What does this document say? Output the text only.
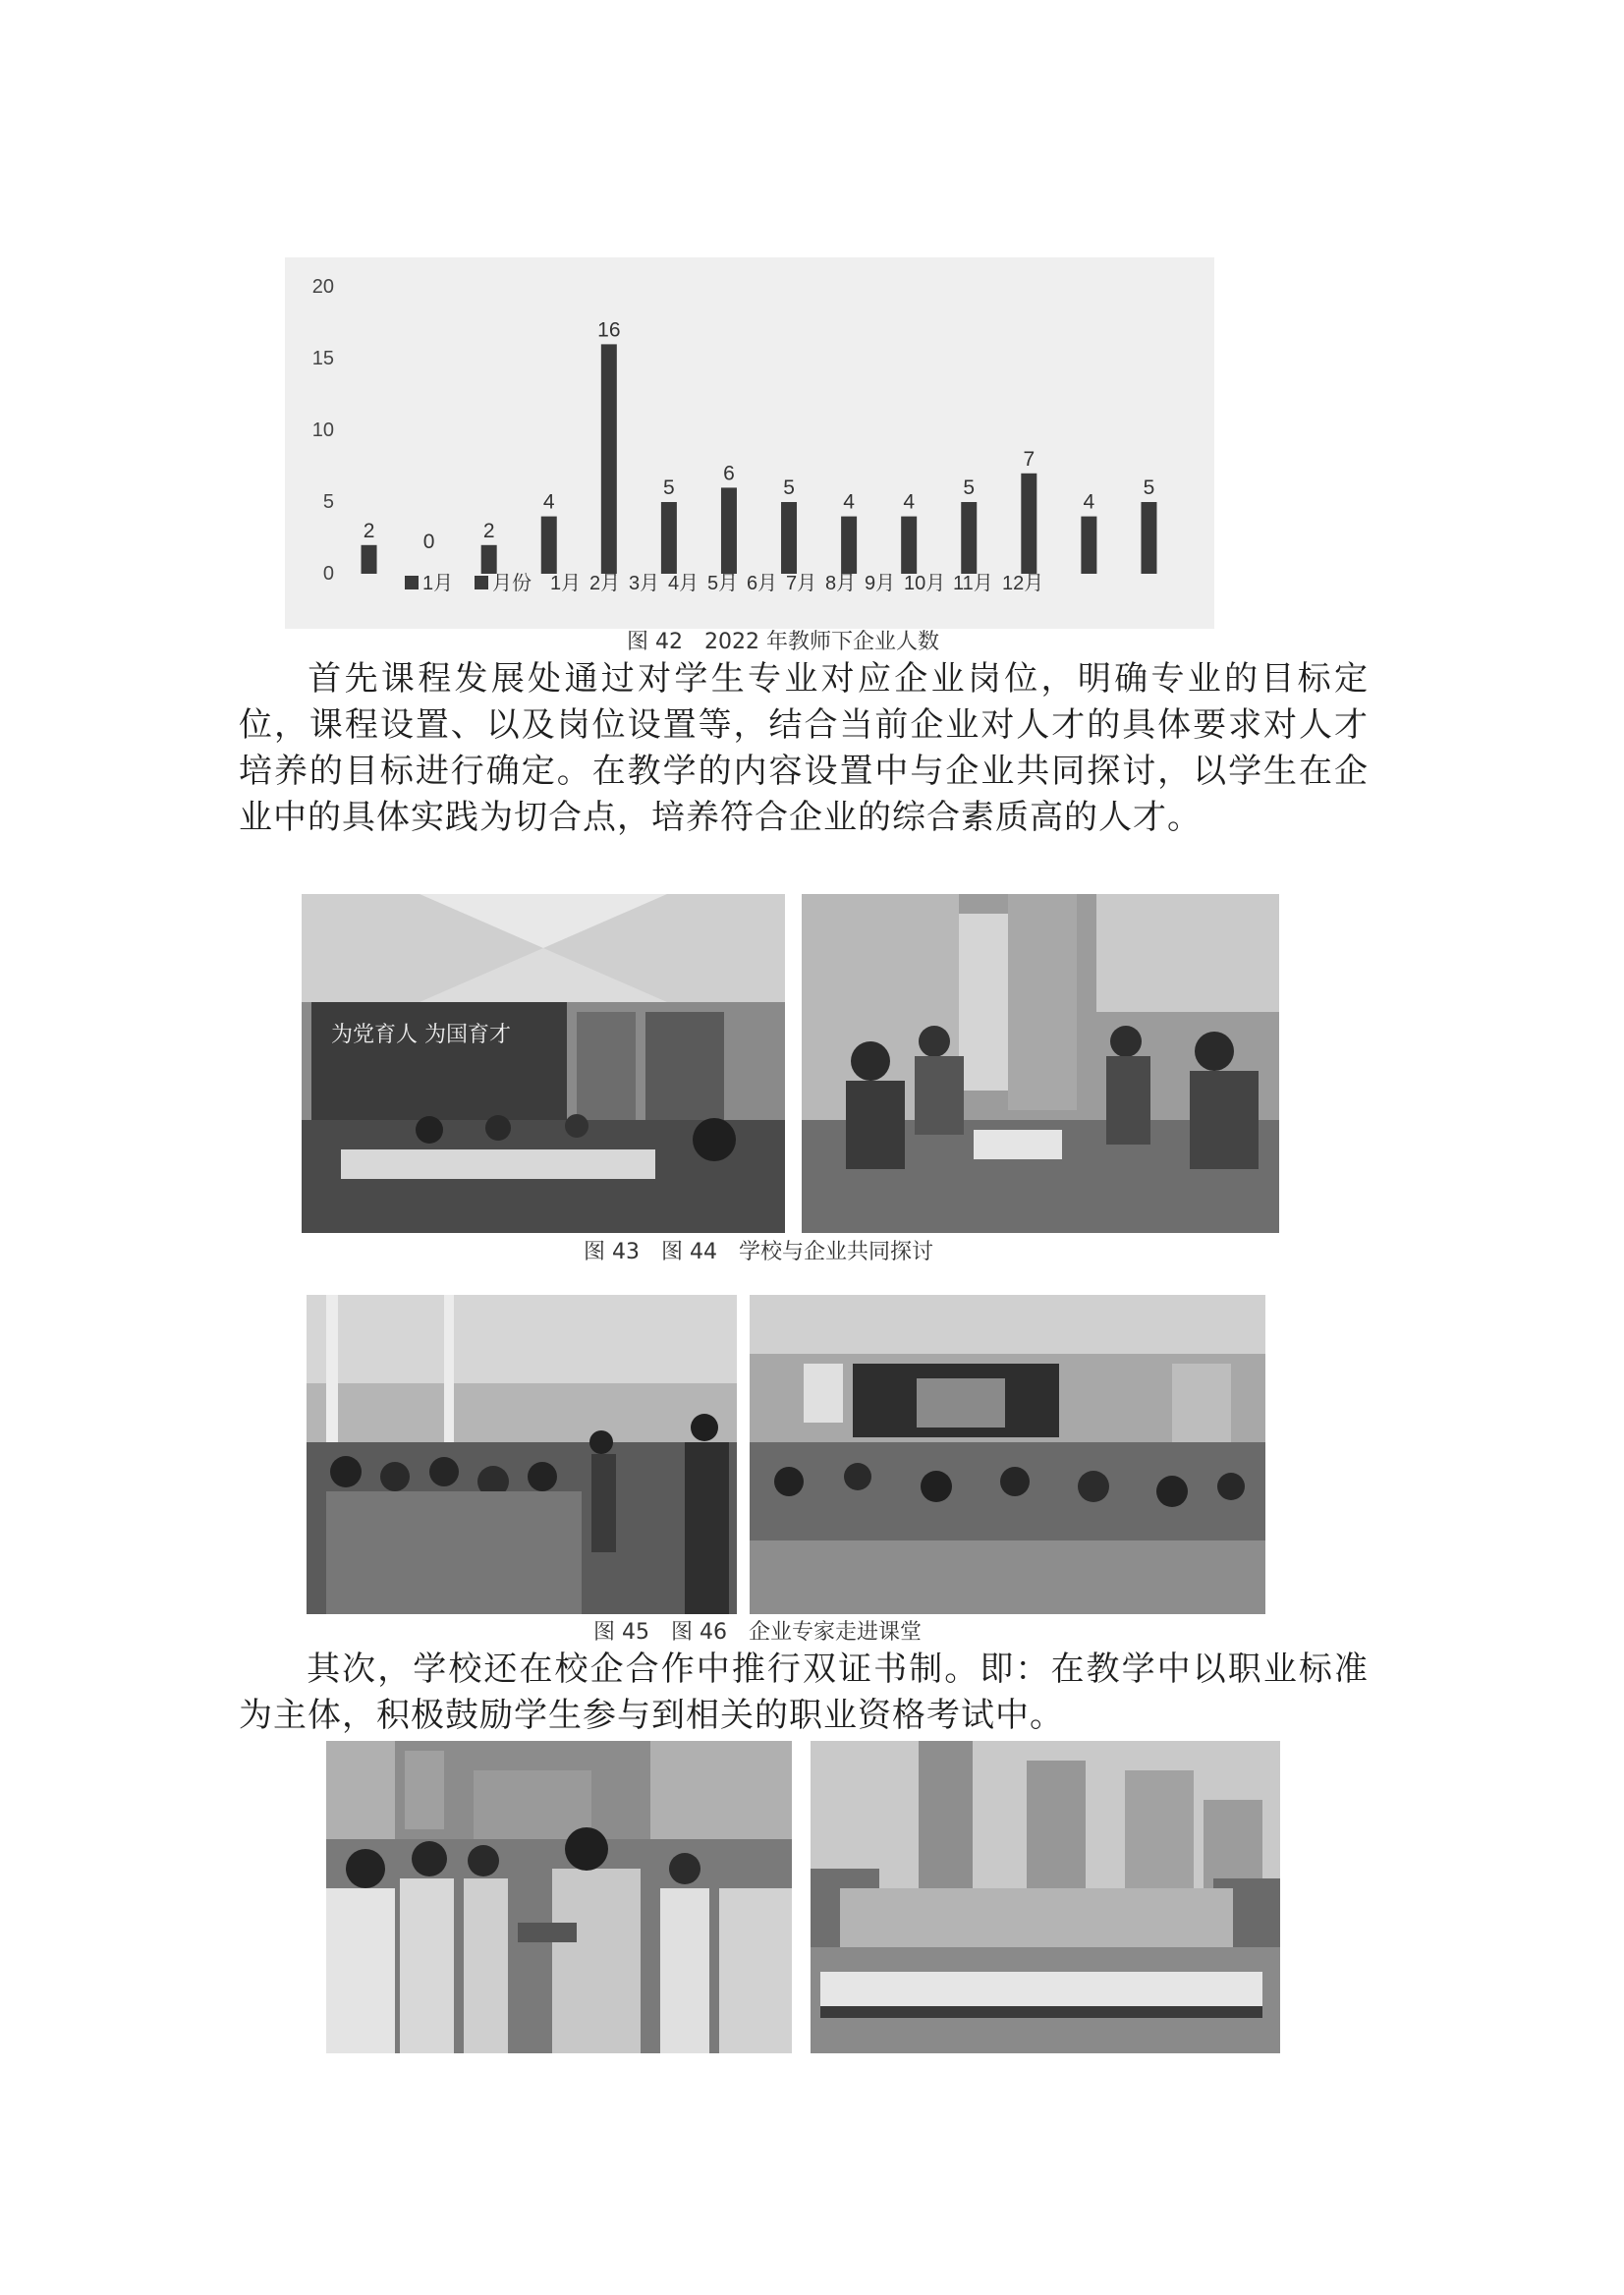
0
5
10
15
20
2 0 2
4
16
5
6
5
4 4
5
7
4
5
1月 月份 1月 2月 3月 4月 5月 6月 7月 8月 9月 10月 11月 12月
图 42　2022 年教师下企业人数
首先课程发展处通过对学生专业对应企业岗位，明确专业的目标定位，课程设置、以及岗位设置等，结合当前企业对人才的具体要求对人才培养的目标进行确定。在教学的内容设置中与企业共同探讨，以学生在企业中的具体实践为切合点，培养符合企业的综合素质高的人才。
为党育人 为国育才
图 43　图 44　学校与企业共同探讨
图 45　图 46　企业专家走进课堂
其次，学校还在校企合作中推行双证书制。即：在教学中以职业标准为主体，积极鼓励学生参与到相关的职业资格考试中。
